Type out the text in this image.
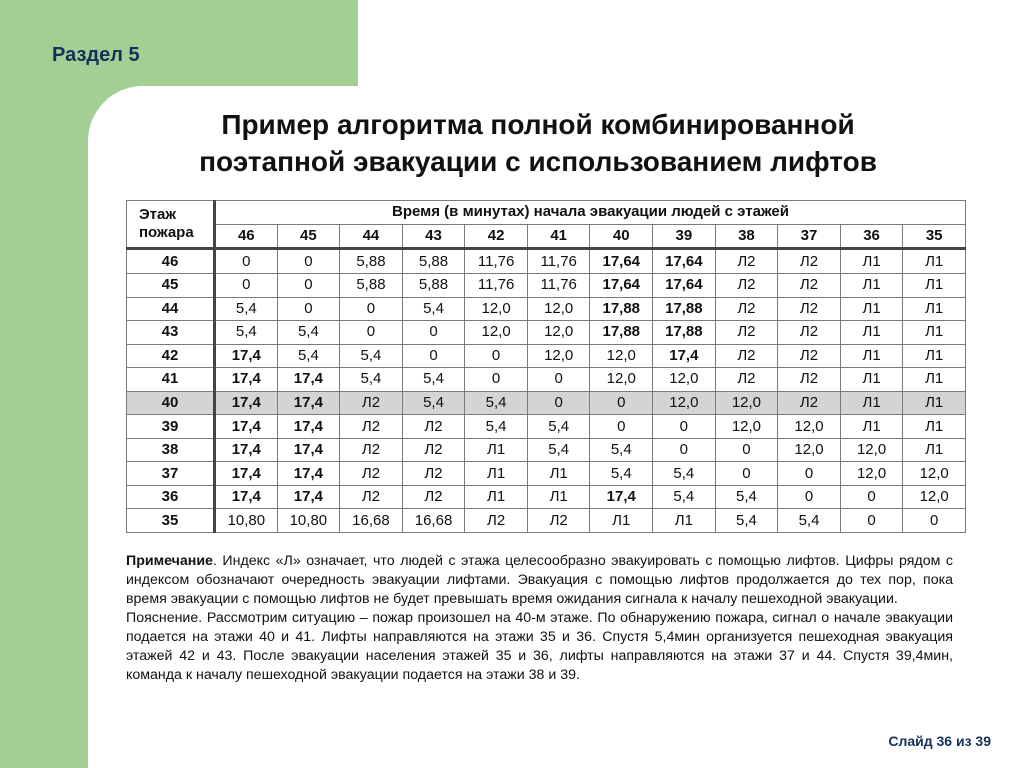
Раздел 5
Пример алгоритма полной комбинированной
поэтапной эвакуации с использованием лифтов
Этаж
пожара	Время (в минутах) начала эвакуации людей с этажей											
	46	45	44	43	42	41	40	39	38	37	36	35
46	0	0	5,88	5,88	11,76	11,76	17,64	17,64	Л2	Л2	Л1	Л1
45	0	0	5,88	5,88	11,76	11,76	17,64	17,64	Л2	Л2	Л1	Л1
44	5,4	0	0	5,4	12,0	12,0	17,88	17,88	Л2	Л2	Л1	Л1
43	5,4	5,4	0	0	12,0	12,0	17,88	17,88	Л2	Л2	Л1	Л1
42	17,4	5,4	5,4	0	0	12,0	12,0	17,4	Л2	Л2	Л1	Л1
41	17,4	17,4	5,4	5,4	0	0	12,0	12,0	Л2	Л2	Л1	Л1
40	17,4	17,4	Л2	5,4	5,4	0	0	12,0	12,0	Л2	Л1	Л1
39	17,4	17,4	Л2	Л2	5,4	5,4	0	0	12,0	12,0	Л1	Л1
38	17,4	17,4	Л2	Л2	Л1	5,4	5,4	0	0	12,0	12,0	Л1
37	17,4	17,4	Л2	Л2	Л1	Л1	5,4	5,4	0	0	12,0	12,0
36	17,4	17,4	Л2	Л2	Л1	Л1	17,4	5,4	5,4	0	0	12,0
35	10,80	10,80	16,68	16,68	Л2	Л2	Л1	Л1	5,4	5,4	0	0

Примечание. Индекс «Л» означает, что людей с этажа целесообразно эвакуировать с помощью лифтов. Цифры рядом с индексом обозначают очередность эвакуации лифтами. Эвакуация с помощью лифтов продолжается до тех пор, пока время эвакуации с помощью лифтов не будет превышать время ожидания сигнала к началу пешеходной эвакуации.

Пояснение. Рассмотрим ситуацию – пожар произошел на 40-м этаже. По обнаружению пожара, сигнал о начале эвакуации подается на этажи 40 и 41. Лифты направляются на этажи 35 и 36. Спустя 5,4мин организуется пешеходная эвакуация этажей 42 и 43. После эвакуации населения этажей 35 и 36, лифты направляются на этажи 37 и 44. Спустя 39,4мин, команда к началу пешеходной эвакуации подается на этажи 38 и 39.

Слайд 36 из 39
